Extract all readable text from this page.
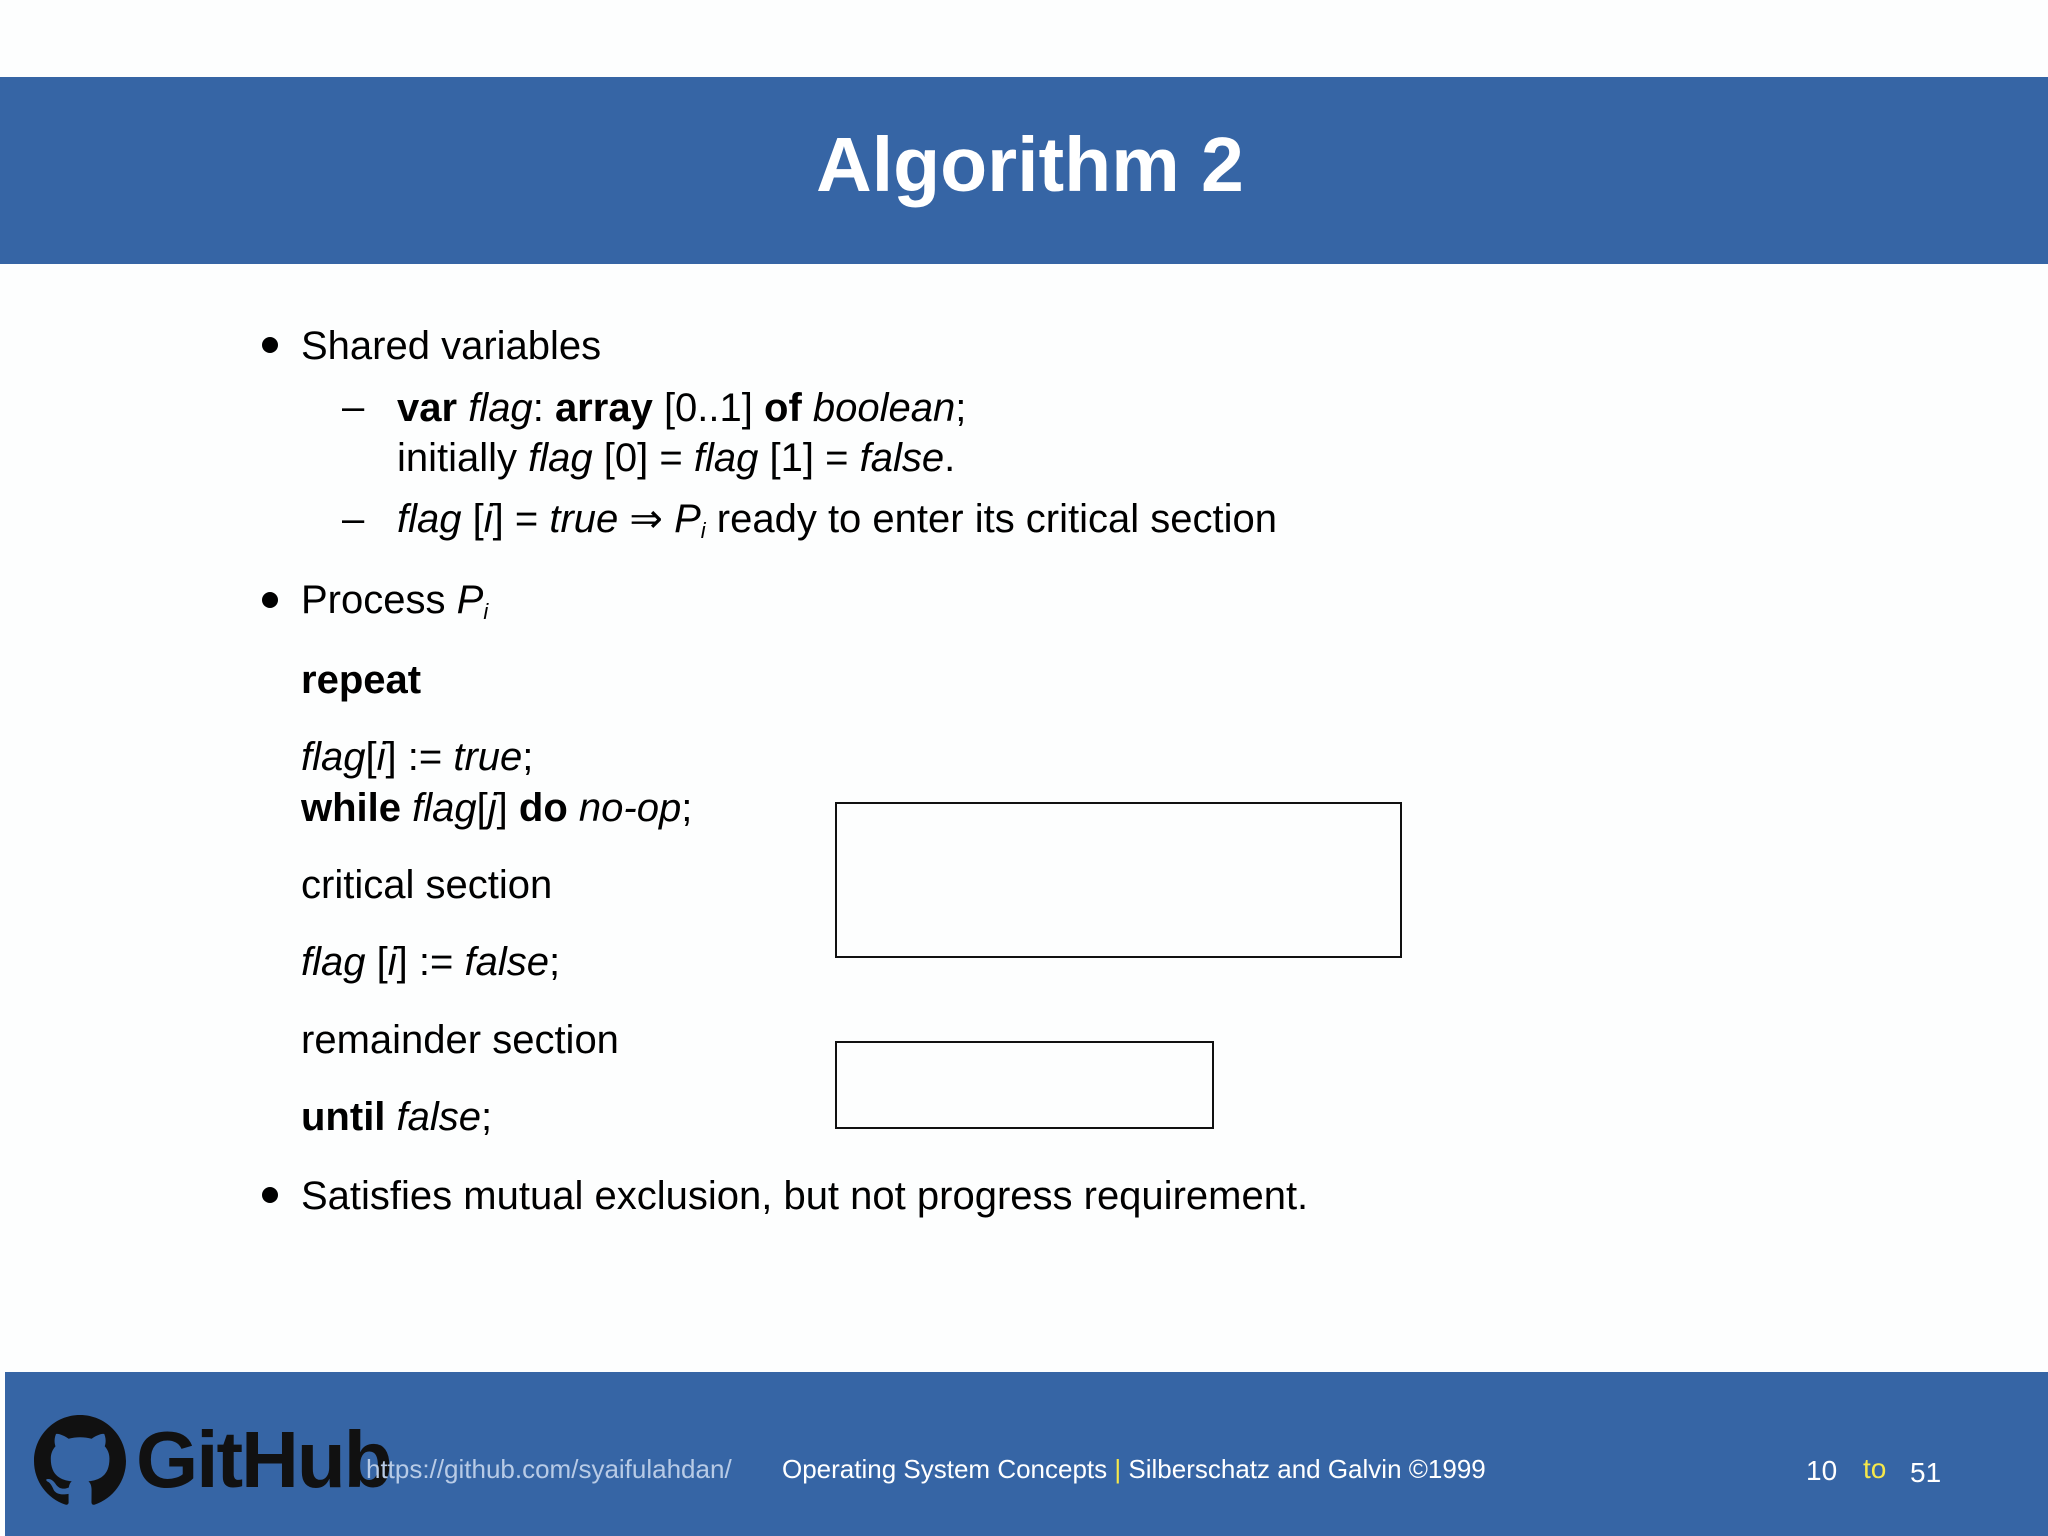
Algorithm 2
Shared variables
– var flag: array [0..1] of boolean;
initially flag [0] = flag [1] = false.
– flag [i] = true ⇒ $P_i$ ready to enter its critical section
Process $P_i$
repeat
flag[i] := true;
while flag[j] do no-op;
critical section
flag [i] := false;
remainder section
until false;
Satisfies mutual exclusion, but not progress requirement.
GitHub
https://github.com/syaifulahdan/ Operating System Concepts | Silberschatz and Galvin ©1999	10 to 51
